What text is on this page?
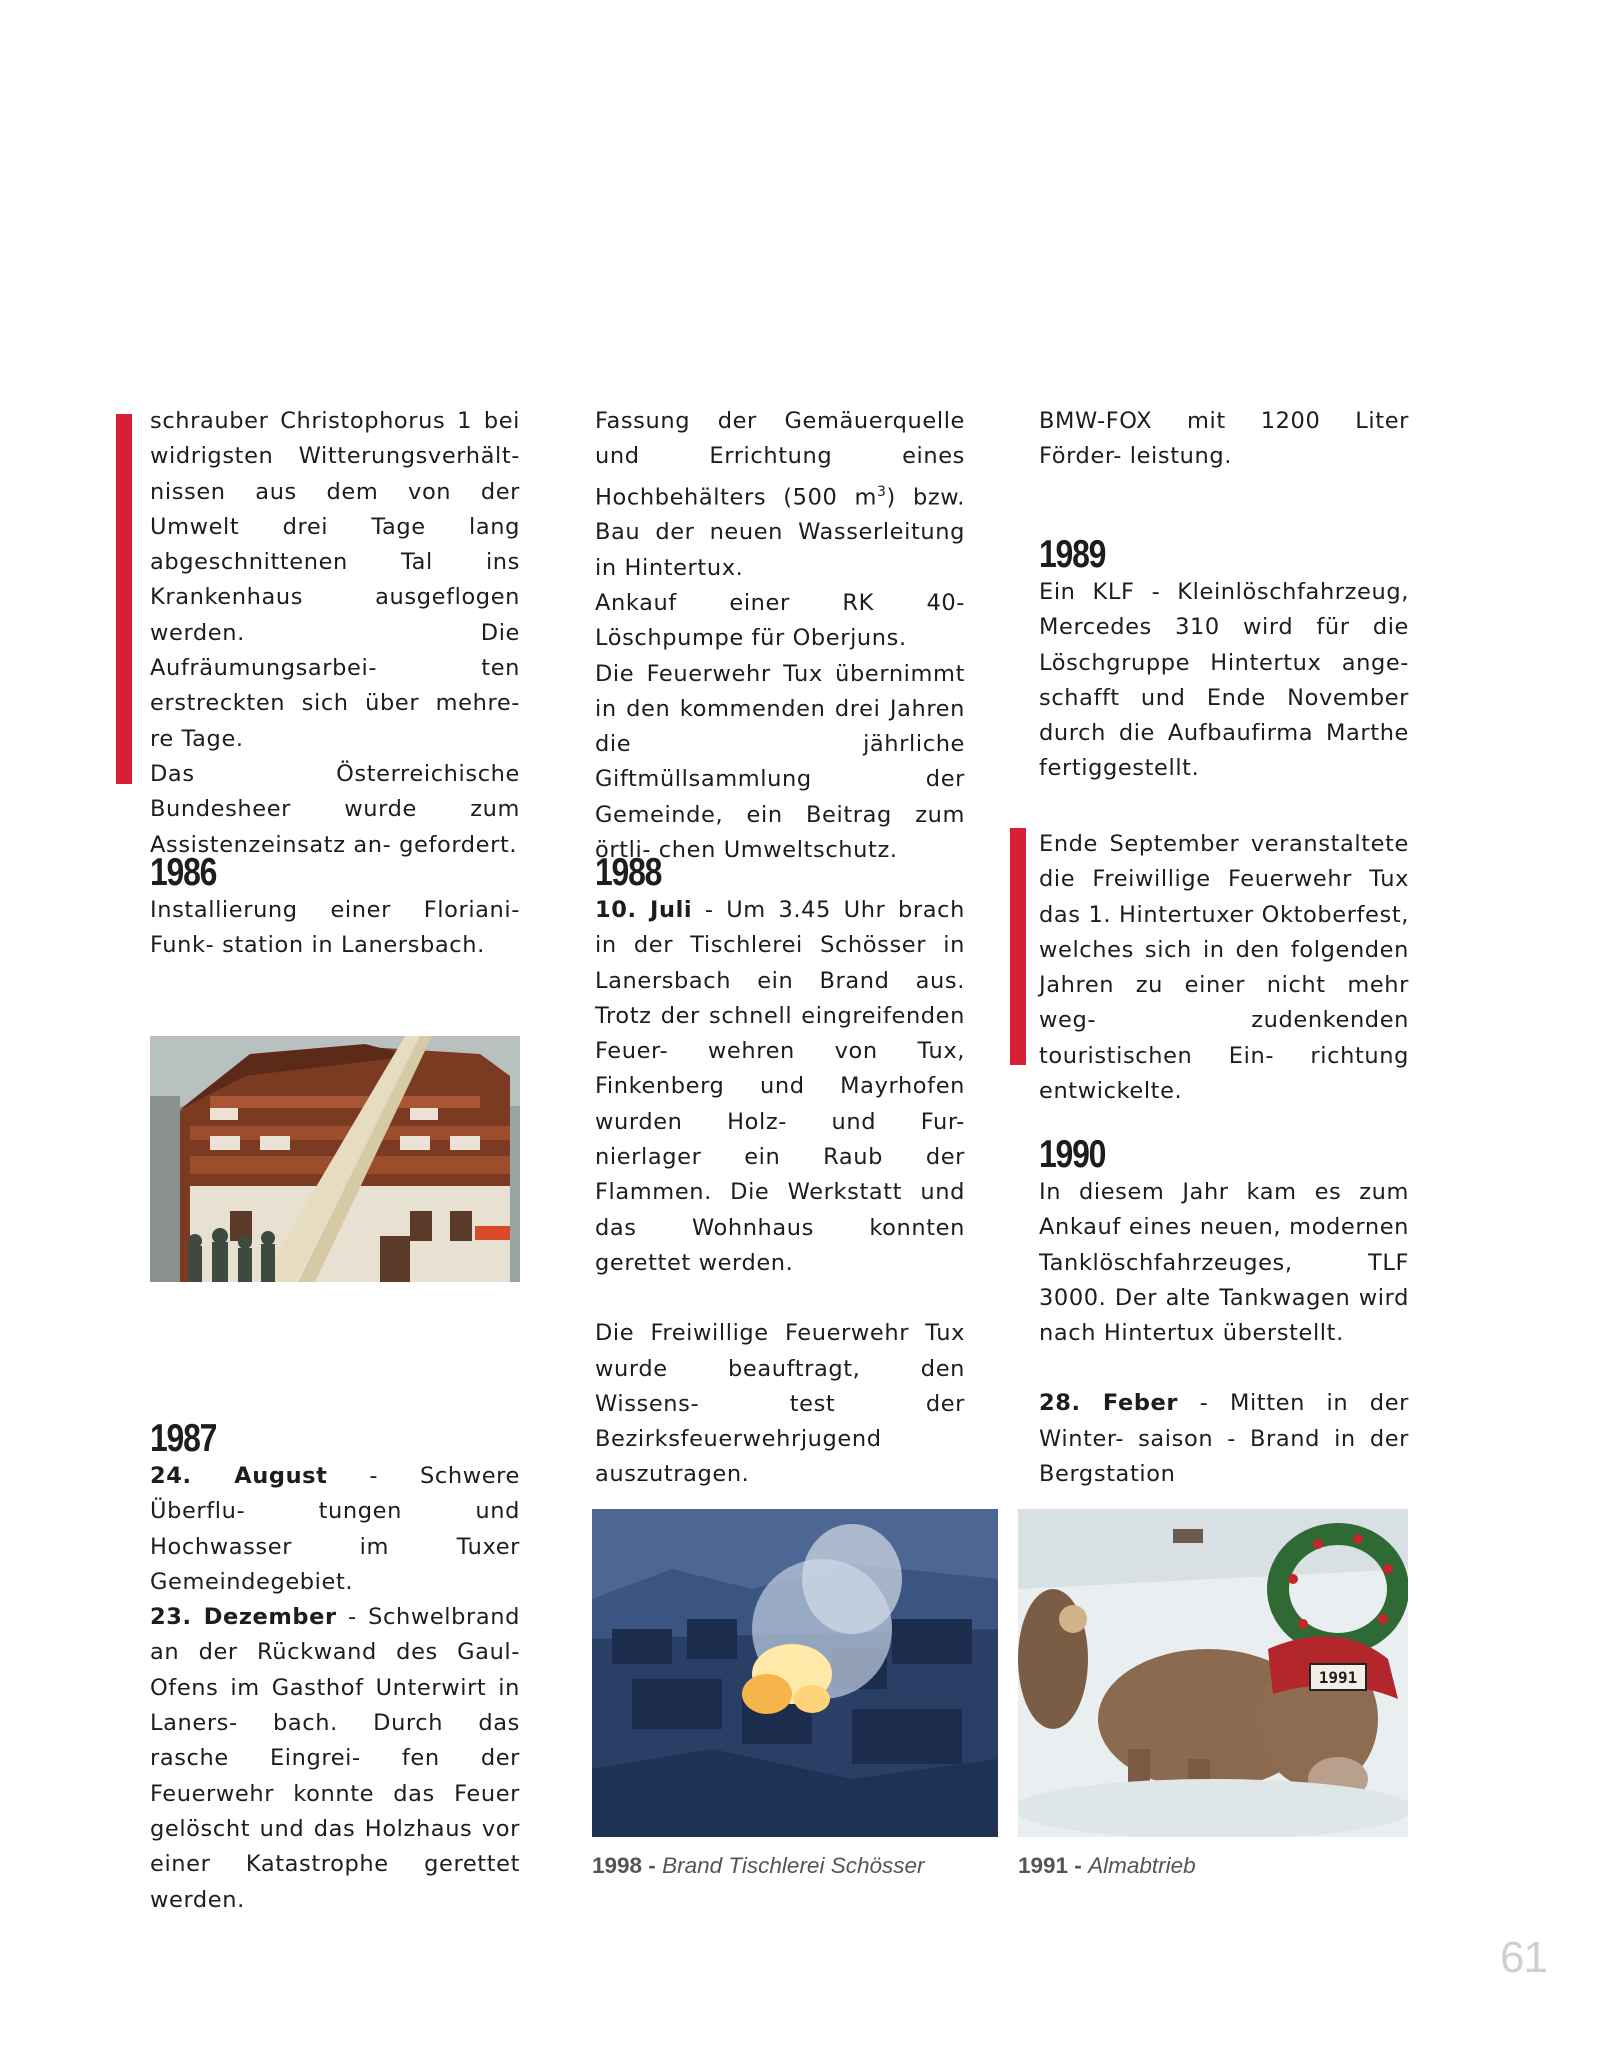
schrauber Christophorus 1 bei widrigsten Witterungsverhält- nissen aus dem von der Umwelt drei Tage lang abgeschnittenen Tal ins Krankenhaus ausgeflogen werden. Die Aufräumungsarbei- ten erstreckten sich über mehre- re Tage.

Das Österreichische Bundesheer wurde zum Assistenzeinsatz an- gefordert.

1986

Installierung einer Floriani-Funk- station in Lanersbach.

1987

24. August - Schwere Überflu- tungen und Hochwasser im Tuxer Gemeindegebiet.

23. Dezember - Schwelbrand an der Rückwand des Gaul-Ofens im Gasthof Unterwirt in Laners- bach. Durch das rasche Eingrei- fen der Feuerwehr konnte das Feuer gelöscht und das Holzhaus vor einer Katastrophe gerettet werden.

Fassung der Gemäuerquelle und Errichtung eines Hochbehälters (500 $m^3$) bzw. Bau der neuen Wasserleitung in Hintertux.

Ankauf einer RK 40-Löschpumpe für Oberjuns.

Die Feuerwehr Tux übernimmt in den kommenden drei Jahren die jährliche Giftmüllsammlung der Gemeinde, ein Beitrag zum örtli- chen Umweltschutz.

1988

10. Juli - Um 3.45 Uhr brach in der Tischlerei Schösser in Lanersbach ein Brand aus. Trotz der schnell eingreifenden Feuer- wehren von Tux, Finkenberg und Mayrhofen wurden Holz- und Fur- nierlager ein Raub der Flammen. Die Werkstatt und das Wohnhaus konnten gerettet werden.

Die Freiwillige Feuerwehr Tux wurde beauftragt, den Wissens- test der Bezirksfeuerwehrjugend auszutragen.

BMW-FOX mit 1200 Liter Förder- leistung.

1989

Ein KLF - Kleinlöschfahrzeug, Mercedes 310 wird für die Löschgruppe Hintertux ange- schafft und Ende November durch die Aufbaufirma Marthe fertiggestellt.

Ende September veranstaltete die Freiwillige Feuerwehr Tux das 1. Hintertuxer Oktoberfest, welches sich in den folgenden Jahren zu einer nicht mehr weg- zudenkenden touristischen Ein- richtung entwickelte.

1990

In diesem Jahr kam es zum Ankauf eines neuen, modernen Tanklöschfahrzeuges, TLF 3000. Der alte Tankwagen wird nach Hintertux überstellt.

28. Feber - Mitten in der Winter- saison - Brand in der Bergstation

1998 - Brand Tischlerei Schösser
1991
1991 - Almabtrieb
61
